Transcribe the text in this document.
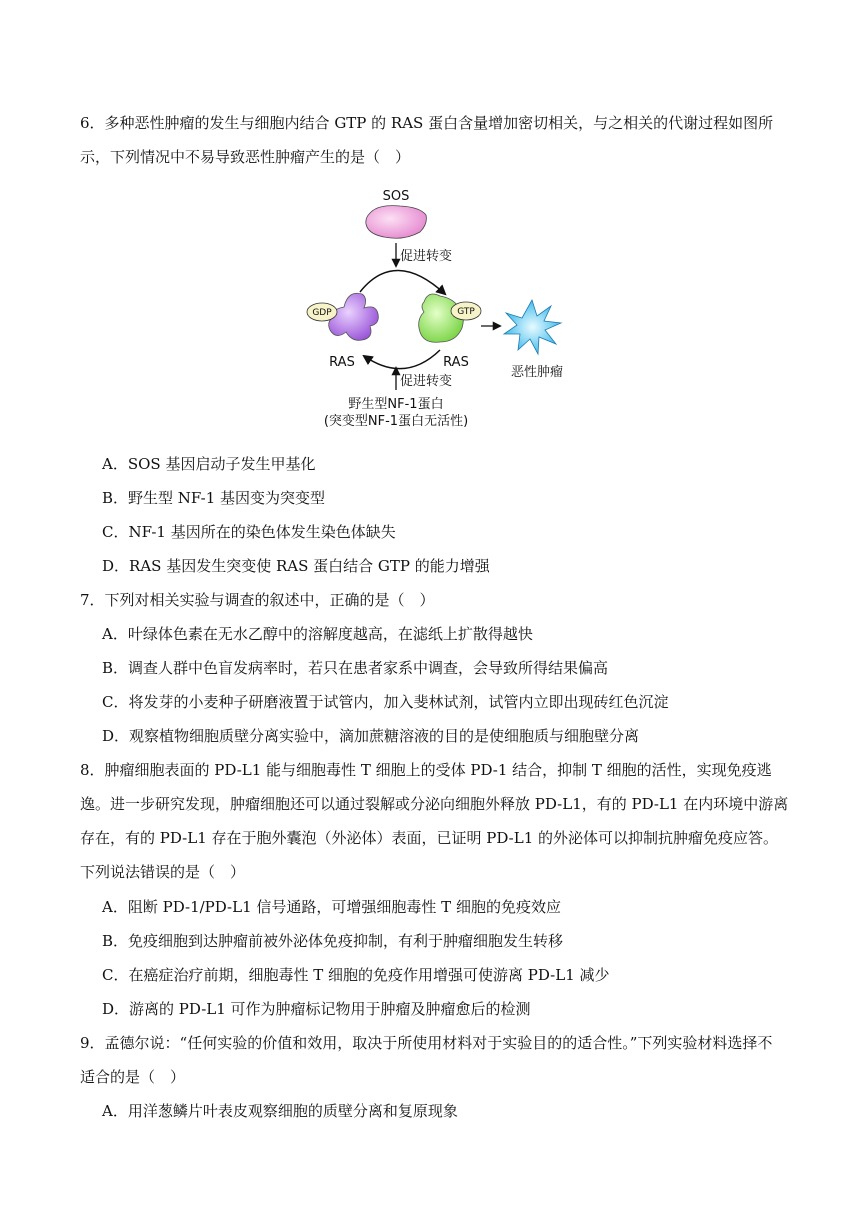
6．多种恶性肿瘤的发生与细胞内结合 GTP 的 RAS 蛋白含量增加密切相关，与之相关的代谢过程如图所
示，下列情况中不易导致恶性肿瘤产生的是（　）
SOS
促进转变
GDP
RAS
GTP
RAS
恶性肿瘤
促进转变
野生型NF-1蛋白
(突变型NF-1蛋白无活性)
A．SOS 基因启动子发生甲基化
B．野生型 NF-1 基因变为突变型
C．NF-1 基因所在的染色体发生染色体缺失
D．RAS 基因发生突变使 RAS 蛋白结合 GTP 的能力增强
7．下列对相关实验与调查的叙述中，正确的是（　）
A．叶绿体色素在无水乙醇中的溶解度越高，在滤纸上扩散得越快
B．调查人群中色盲发病率时，若只在患者家系中调查，会导致所得结果偏高
C．将发芽的小麦种子研磨液置于试管内，加入斐林试剂，试管内立即出现砖红色沉淀
D．观察植物细胞质壁分离实验中，滴加蔗糖溶液的目的是使细胞质与细胞壁分离
8．肿瘤细胞表面的 PD-L1 能与细胞毒性 T 细胞上的受体 PD-1 结合，抑制 T 细胞的活性，实现免疫逃
逸。进一步研究发现，肿瘤细胞还可以通过裂解或分泌向细胞外释放 PD-L1，有的 PD-L1 在内环境中游离
存在，有的 PD-L1 存在于胞外囊泡（外泌体）表面，已证明 PD-L1 的外泌体可以抑制抗肿瘤免疫应答。
下列说法错误的是（　）
A．阻断 PD-1/PD-L1 信号通路，可增强细胞毒性 T 细胞的免疫效应
B．免疫细胞到达肿瘤前被外泌体免疫抑制，有利于肿瘤细胞发生转移
C．在癌症治疗前期，细胞毒性 T 细胞的免疫作用增强可使游离 PD-L1 减少
D．游离的 PD-L1 可作为肿瘤标记物用于肿瘤及肿瘤愈后的检测
9．孟德尔说：“任何实验的价值和效用，取决于所使用材料对于实验目的的适合性。”下列实验材料选择不
适合的是（　）
A．用洋葱鳞片叶表皮观察细胞的质壁分离和复原现象
